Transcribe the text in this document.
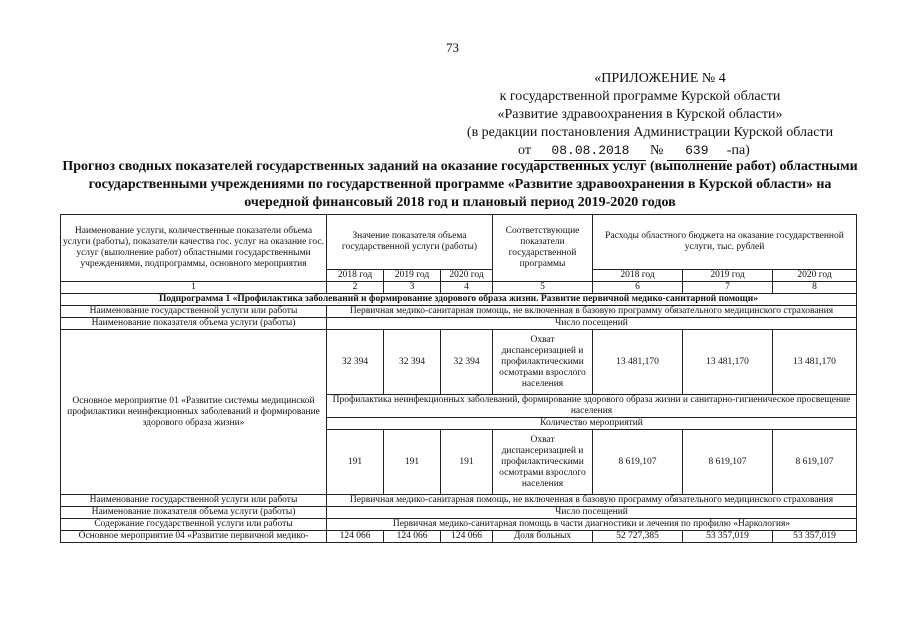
73
«ПРИЛОЖЕНИЕ № 4
к государственной программе Курской области
«Развитие здравоохранения в Курской области»
(в редакции постановления Администрации Курской области
от 08.08.2018 № 639 -па)
Прогноз сводных показателей государственных заданий на оказание государственных услуг (выполнение работ) областными государственными учреждениями по государственной программе «Развитие здравоохранения в Курской области» на очередной финансовый 2018 год и плановый период 2019-2020 годов
Наименование услуги, количественные показатели объема услуги (работы), показатели качества гос. услуг на оказание гос. услуг (выполнение работ) областными государственными учреждениями, подпрограммы, основного мероприятия	Значение показателя объема государственной услуги (работы)			Соответствующие показатели государственной программы	Расходы областного бюджета на оказание государственной услуги, тыс. рублей		
	2018 год	2019 год	2020 год		2018 год	2019 год	2020 год
1	2	3	4	5	6	7	8
Подпрограмма 1 «Профилактика заболеваний и формирование здорового образа жизни. Развитие первичной медико-санитарной помощи»							
Наименование государственной услуги или работы	Первичная медико-санитарная помощь, не включенная в базовую программу обязательного медицинского страхования						
Наименование показателя объема услуги (работы)	Число посещений						
Основное мероприятие 01 «Развитие системы медицинской профилактики неинфекционных заболеваний и формирование здорового образа жизни»	32 394	32 394	32 394	Охват диспансеризацией и профилактическими осмотрами взрослого населения	13 481,170	13 481,170	13 481,170
	Профилактика неинфекционных заболеваний, формирование здорового образа жизни и санитарно-гигиеническое просвещение населения						
	Количество мероприятий						
	191	191	191	Охват диспансеризацией и профилактическими осмотрами взрослого населения	8 619,107	8 619,107	8 619,107
Наименование государственной услуги или работы	Первичная медико-санитарная помощь, не включенная в базовую программу обязательного медицинского страхования						
Наименование показателя объема услуги (работы)	Число посещений						
Содержание государственной услуги или работы	Первичная медико-санитарная помощь в части диагностики и лечения по профилю «Наркология»						
Основное мероприятие 04 «Развитие первичной медико-	124 066	124 066	124 066	Доля больных	52 727,385	53 357,019	53 357,019
